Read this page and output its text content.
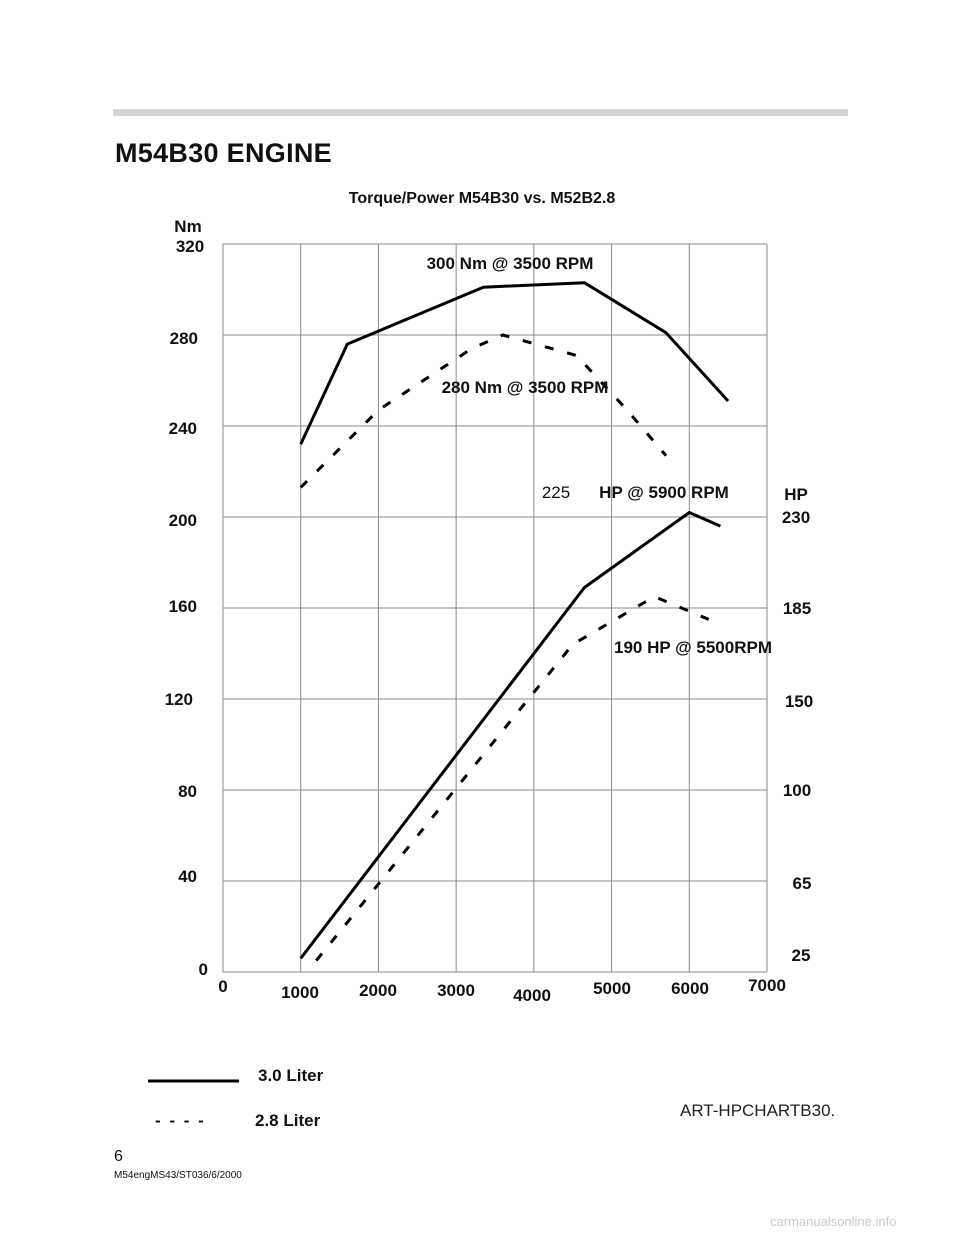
M54B30 ENGINE
Torque/Power M54B30 vs. M52B2.8
Nm
320
HP
230
0	1000 2000 3000 4000 5000 6000 7000
0
40
80
120
160
200
240
280
25
65
100
150
185
300 Nm @ 3500 RPM
280 Nm @ 3500 RPM
225 HP @ 5900 RPM
190 HP @ 5500RPM
3.0 Liter
- - - -	2.8 Liter
ART-HPCHARTB30.
6
M54engMS43/ST036/6/2000
carmanualsonline.info
